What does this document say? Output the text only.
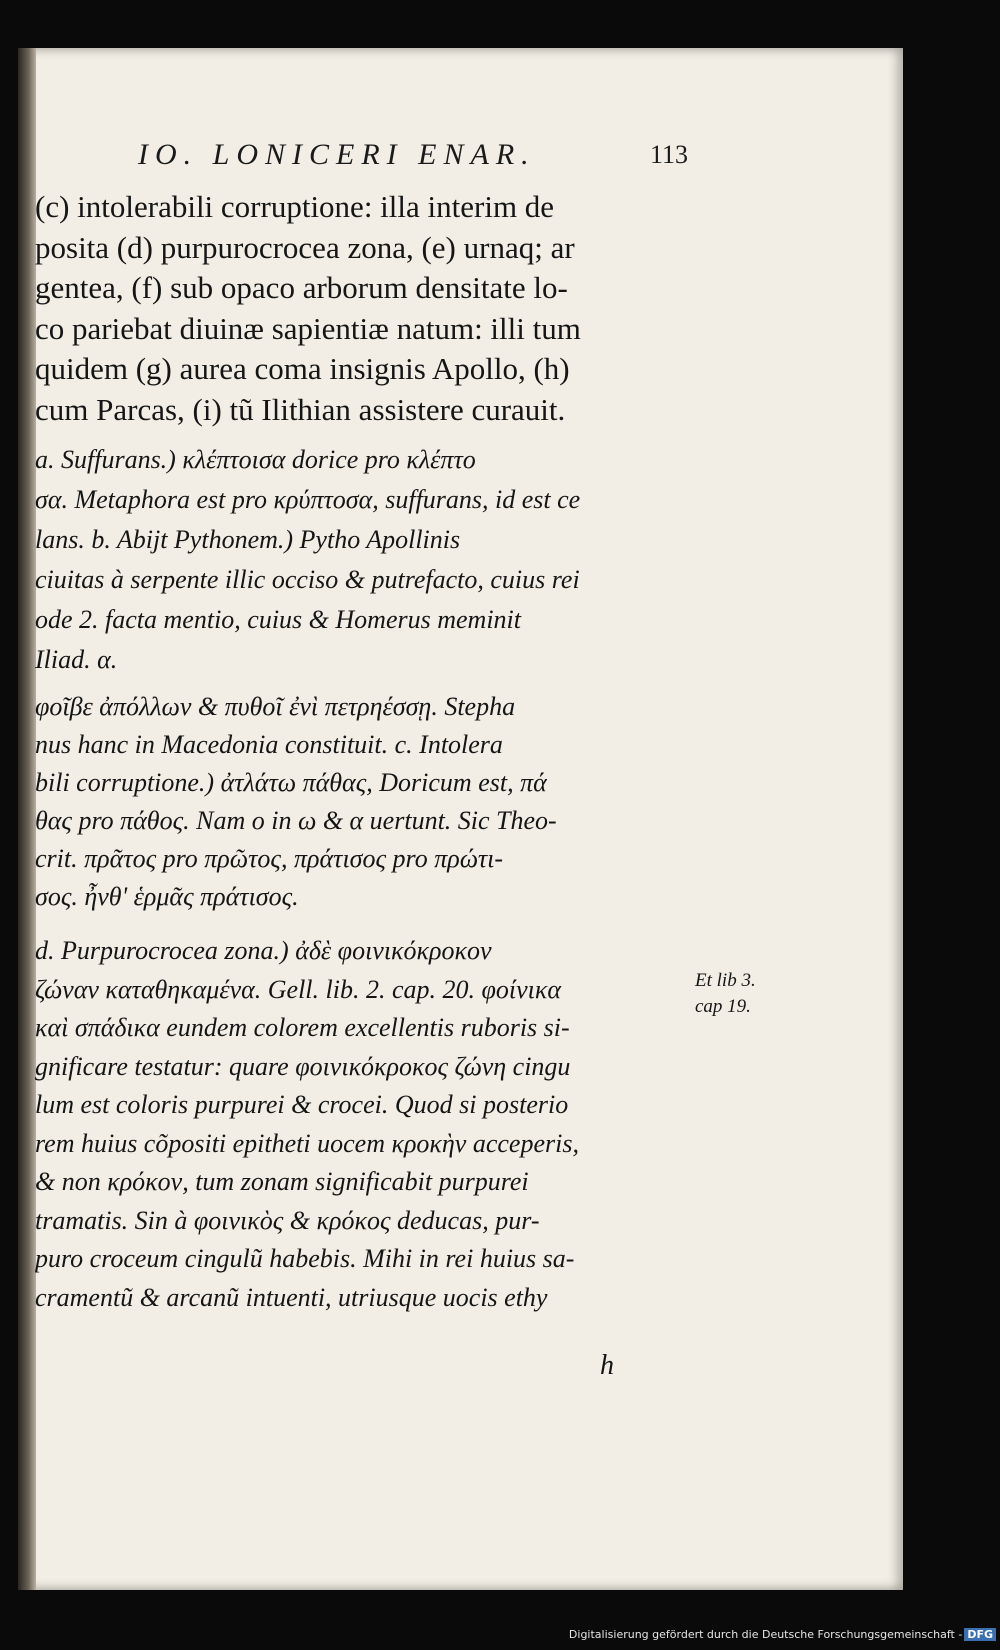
IO. LONICERI ENAR.	113
(c) intolerabili corruptione: illa interim de
posita (d) purpurocrocea zona, (e) urnaq; ar
gentea, (f) sub opaco arborum densitate lo-
co pariebat diuinæ sapientiæ natum: illi tum
quidem (g) aurea coma insignis Apollo, (h)
cum Parcas, (i) tũ Ilithian assistere curauit.
a. Suffurans.) κλέπτοισα dorice pro κλέπτο
σα. Metaphora est pro κρύπτοσα, suffurans, id est ce
lans. b. Abijt Pythonem.) Pytho Apollinis
ciuitas à serpente illic occiso & putrefacto, cuius rei
ode 2. facta mentio, cuius & Homerus meminit
Iliad. α.
φοῖβε ἀπόλλων & πυθοῖ ἐνὶ πετρηέσσῃ. Stepha
nus hanc in Macedonia constituit. c. Intolera
bili corruptione.) ἀτλάτω πάθας, Doricum est, πά
θας pro πάθος. Nam ο in ω & α uertunt. Sic Theo-
crit. πρᾶτος pro πρῶτος, πράτισος pro πρώτι-
σος. ἦνθ' ἑρμᾶς πράτισος.
d. Purpurocrocea zona.) ἀδὲ φοινικόκροκον
ζώναν καταθηκαμένα. Gell. lib. 2. cap. 20. φοίνικα
καὶ σπάδικα eundem colorem excellentis ruboris si-
gnificare testatur: quare φοινικόκροκος ζώνη cingu
lum est coloris purpurei & crocei. Quod si posterio
rem huius cõpositi epitheti uocem κροκὴν acceperis,
& non κρόκον, tum zonam significabit purpurei
tramatis. Sin à φοινικὸς & κρόκος deducas, pur-
puro croceum cingulũ habebis. Mihi in rei huius sa-
cramentũ & arcanũ intuenti, utriusque uocis ethy
Et lib 3.
cap 19.
h
Digitalisierung gefördert durch die Deutsche Forschungsgemeinschaft - DFG
